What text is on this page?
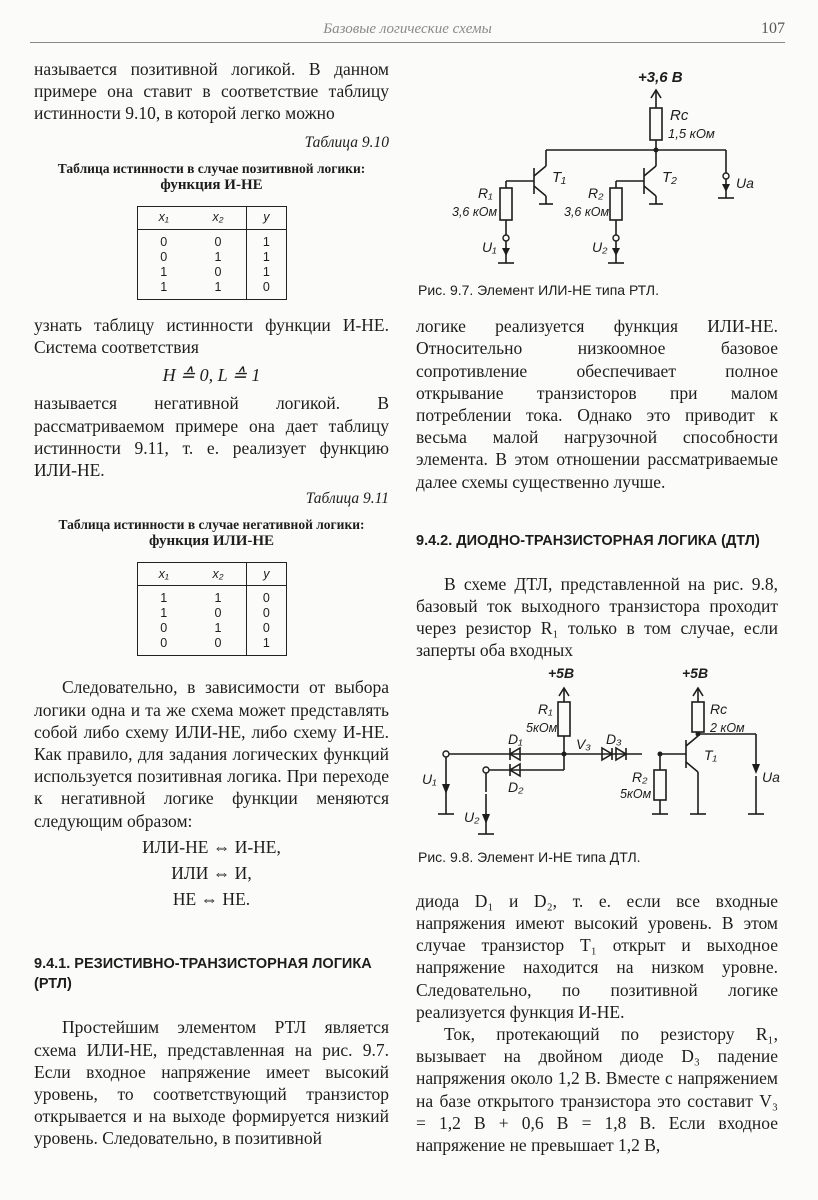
Базовые логические схемы	107

называется позитивной логикой. В данном примере она ставит в соответствие таблицу истинности 9.10, в которой легко можно

Таблица 9.10
Таблица истинности в случае позитивной логики:
функция И-НЕ
x₁	x₂	y
0	0	1
0	1	1
1	0	1
1	1	0

узнать таблицу истинности функции И-НЕ. Система соответствия

H ≙ 0, L ≙ 1

называется негативной логикой. В рассматриваемом примере она дает таблицу истинности 9.11, т. е. реализует функцию ИЛИ-НЕ.

Таблица 9.11
Таблица истинности в случае негативной логики:
функция ИЛИ-НЕ
x₁	x₂	y
1	1	0
1	0	0
0	1	0
0	0	1

Следовательно, в зависимости от выбора логики одна и та же схема может представлять собой либо схему ИЛИ-НЕ, либо схему И-НЕ. Как правило, для задания логических функций используется позитивная логика. При переходе к негативной логике функции меняются следующим образом:

ИЛИ-НЕ ⇔ И-НЕ,
ИЛИ ⇔ И,
НЕ ⇔ НЕ.
9.4.1. РЕЗИСТИВНО-ТРАНЗИСТОРНАЯ ЛОГИКА (РТЛ)

Простейшим элементом РТЛ является схема ИЛИ-НЕ, представленная на рис. 9.7. Если входное напряжение имеет высокий уровень, то соответствующий транзистор открывается и на выходе формируется низкий уровень. Следовательно, в позитивной

+3,6 В
Rc
1,5 кОм
T₁	T₂
R₁
3,6 кОм
R₂
3,6 кОм
U₁	U₂
Uа
Рис. 9.7. Элемент ИЛИ-НЕ типа РТЛ.

логике реализуется функция ИЛИ-НЕ. Относительно низкоомное базовое сопротивление обеспечивает полное открывание транзисторов при малом потреблении тока. Однако это приводит к весьма малой нагрузочной способности элемента. В этом отношении рассматриваемые далее схемы существенно лучше.

9.4.2. ДИОДНО-ТРАНЗИСТОРНАЯ ЛОГИКА (ДТЛ)

В схеме ДТЛ, представленной на рис. 9.8, базовый ток выходного транзистора проходит через резистор R₁ только в том случае, если заперты оба входных

+5В	+5В
R₁
5кОм
Rc
2 кОм
D₁
D₂
D₃
V₃
T₁
R₂
5кОм
U₁
U₂
Uа
Рис. 9.8. Элемент И-НЕ типа ДТЛ.

диода D₁ и D₂, т. е. если все входные напряжения имеют высокий уровень. В этом случае транзистор T₁ открыт и выходное напряжение находится на низком уровне. Следовательно, по позитивной логике реализуется функция И-НЕ.

Ток, протекающий по резистору R₁, вызывает на двойном диоде D₃ падение напряжения около 1,2 В. Вместе с напряжением на базе открытого транзистора это составит V₃ = 1,2 В + 0,6 В = 1,8 В. Если входное напряжение не превышает 1,2 В,
